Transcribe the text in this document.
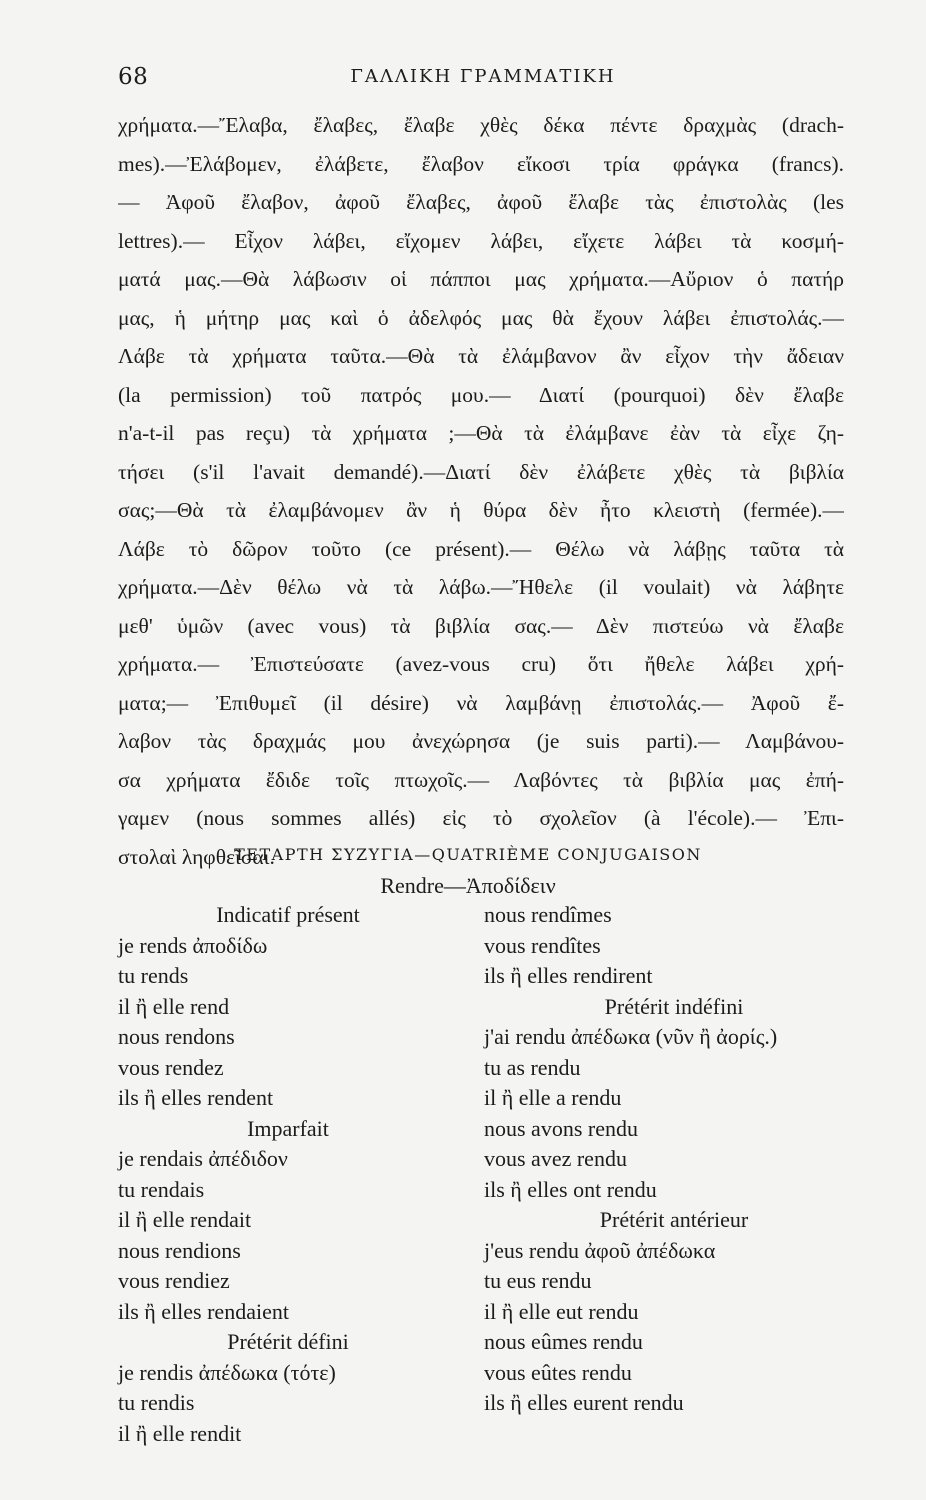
68	ΓΑΛΛΙΚΗ ΓΡΑΜΜΑΤΙΚΗ
χρήματα.—Ἔλαβα, ἔλαβες, ἔλαβε χθὲς δέκα πέντε δραχμὰς (drach-
mes).—Ἐλάβομεν, ἐλάβετε, ἔλαβον εἴκοσι τρία φράγκα (francs).
— Ἀφοῦ ἔλαβον, ἀφοῦ ἔλαβες, ἀφοῦ ἔλαβε τὰς ἐπιστολὰς (les
lettres).— Εἶχον λάβει, εἴχομεν λάβει, εἴχετε λάβει τὰ κοσμή-
ματά μας.—Θὰ λάβωσιν οἱ πάπποι μας χρήματα.—Αὔριον ὁ πατήρ
μας, ἡ μήτηρ μας καὶ ὁ ἀδελφός μας θὰ ἔχουν λάβει ἐπιστολάς.—
Λάβε τὰ χρήματα ταῦτα.—Θὰ τὰ ἐλάμβανον ἂν εἶχον τὴν ἄδειαν
(la permission) τοῦ πατρός μου.— Διατί (pourquoi) δὲν ἔλαβε
n'a-t-il pas reçu) τὰ χρήματα ;—Θὰ τὰ ἐλάμβανε ἐὰν τὰ εἶχε ζη-
τήσει (s'il l'avait demandé).—Διατί δὲν ἐλάβετε χθὲς τὰ βιβλία
σας;—Θὰ τὰ ἐλαμβάνομεν ἂν ἡ θύρα δὲν ἦτο κλειστὴ (fermée).—
Λάβε τὸ δῶρον τοῦτο (ce présent).— Θέλω νὰ λάβῃς ταῦτα τὰ
χρήματα.—Δὲν θέλω νὰ τὰ λάβω.—Ἤθελε (il voulait) νὰ λάβητε
μεθ' ὑμῶν (avec vous) τὰ βιβλία σας.— Δὲν πιστεύω νὰ ἔλαβε
χρήματα.— Ἐπιστεύσατε (avez-vous cru) ὅτι ἤθελε λάβει χρή-
ματα;— Ἐπιθυμεῖ (il désire) νὰ λαμβάνῃ ἐπιστολάς.— Ἀφοῦ ἔ-
λαβον τὰς δραχμάς μου ἀνεχώρησα (je suis parti).— Λαμβάνου-
σα χρήματα ἔδιδε τοῖς πτωχοῖς.— Λαβόντες τὰ βιβλία μας ἐπή-
γαμεν (nous sommes allés) εἰς τὸ σχολεῖον (à l'école).— Ἐπι-
στολαὶ ληφθεῖσαι.
ΤΕΤΑΡΤΗ ΣΥΖΥΓΙΑ—QUATRIÈME CONJUGAISON
Rendre—Ἀποδίδειν
Indicatif présent
je rends ἀποδίδω
tu rends
il ἢ elle rend
nous rendons
vous rendez
ils ἢ elles rendent
Imparfait
je rendais ἀπέδιδον
tu rendais
il ἢ elle rendait
nous rendions
vous rendiez
ils ἢ elles rendaient
Prétérit défini
je rendis ἀπέδωκα (τότε)
tu rendis
il ἢ elle rendit
nous rendîmes
vous rendîtes
ils ἢ elles rendirent
Prétérit indéfini
j'ai rendu ἀπέδωκα (νῦν ἢ ἀορίς.)
tu as rendu
il ἢ elle a rendu
nous avons rendu
vous avez rendu
ils ἢ elles ont rendu
Prétérit antérieur
j'eus rendu ἀφοῦ ἀπέδωκα
tu eus rendu
il ἢ elle eut rendu
nous eûmes rendu
vous eûtes rendu
ils ἢ elles eurent rendu
